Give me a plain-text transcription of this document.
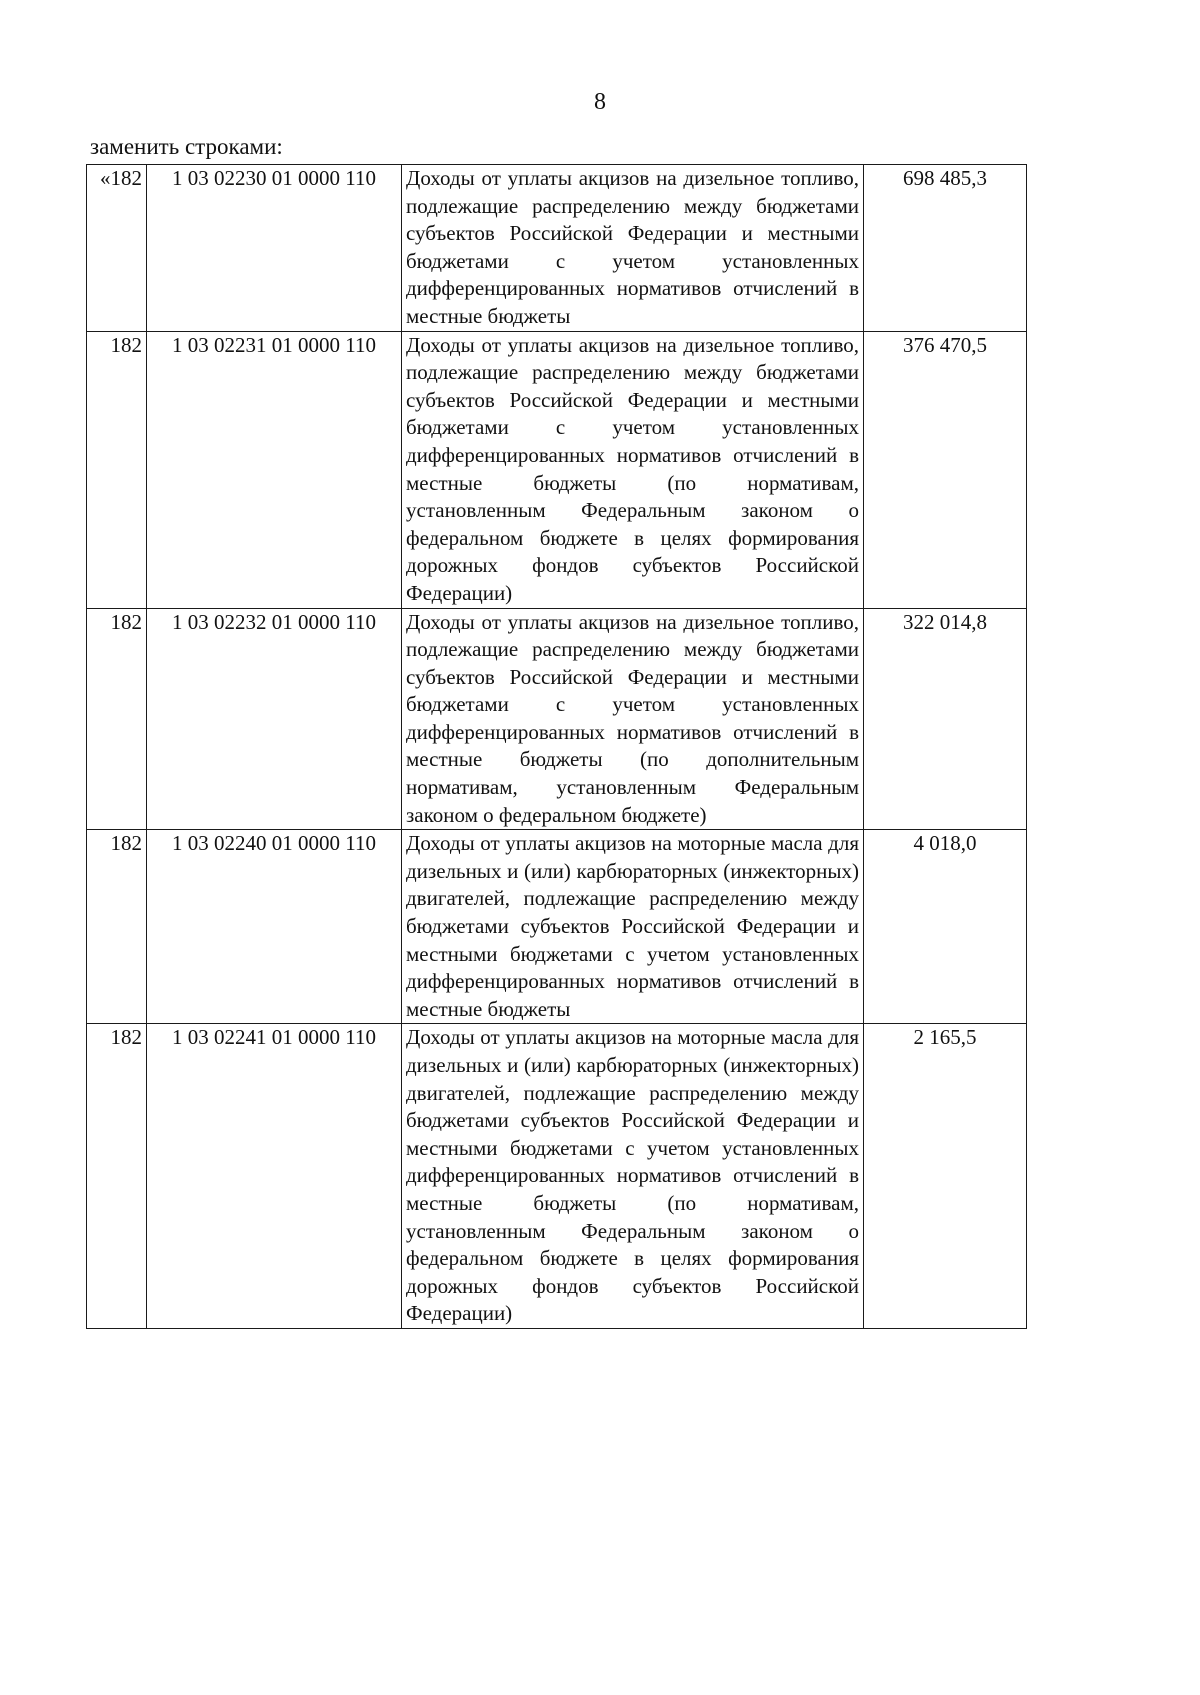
8
заменить строками:
«182	1 03 02230 01 0000 110	Доходы от уплаты акцизов на дизельное топливо, подлежащие распределению между бюджетами субъектов Российской Федерации и местными бюджетами с учетом установленных дифференцированных нормативов отчислений в местные бюджеты	698 485,3
182	1 03 02231 01 0000 110	Доходы от уплаты акцизов на дизельное топливо, подлежащие распределению между бюджетами субъектов Российской Федерации и местными бюджетами с учетом установленных дифференцированных нормативов отчислений в местные бюджеты (по нормативам, установленным Федеральным законом о федеральном бюджете в целях формирования дорожных фондов субъектов Российской Федерации)	376 470,5
182	1 03 02232 01 0000 110	Доходы от уплаты акцизов на дизельное топливо, подлежащие распределению между бюджетами субъектов Российской Федерации и местными бюджетами с учетом установленных дифференцированных нормативов отчислений в местные бюджеты (по дополнительным нормативам, установленным Федеральным законом о федеральном бюджете)	322 014,8
182	1 03 02240 01 0000 110	Доходы от уплаты акцизов на моторные масла для дизельных и (или) карбюраторных (инжекторных) двигателей, подлежащие распределению между бюджетами субъектов Российской Федерации и местными бюджетами с учетом установленных дифференцированных нормативов отчислений в местные бюджеты	4 018,0
182	1 03 02241 01 0000 110	Доходы от уплаты акцизов на моторные масла для дизельных и (или) карбюраторных (инжекторных) двигателей, подлежащие распределению между бюджетами субъектов Российской Федерации и местными бюджетами с учетом установленных дифференцированных нормативов отчислений в местные бюджеты (по нормативам, установленным Федеральным законом о федеральном бюджете в целях формирования дорожных фондов субъектов Российской Федерации)	2 165,5
